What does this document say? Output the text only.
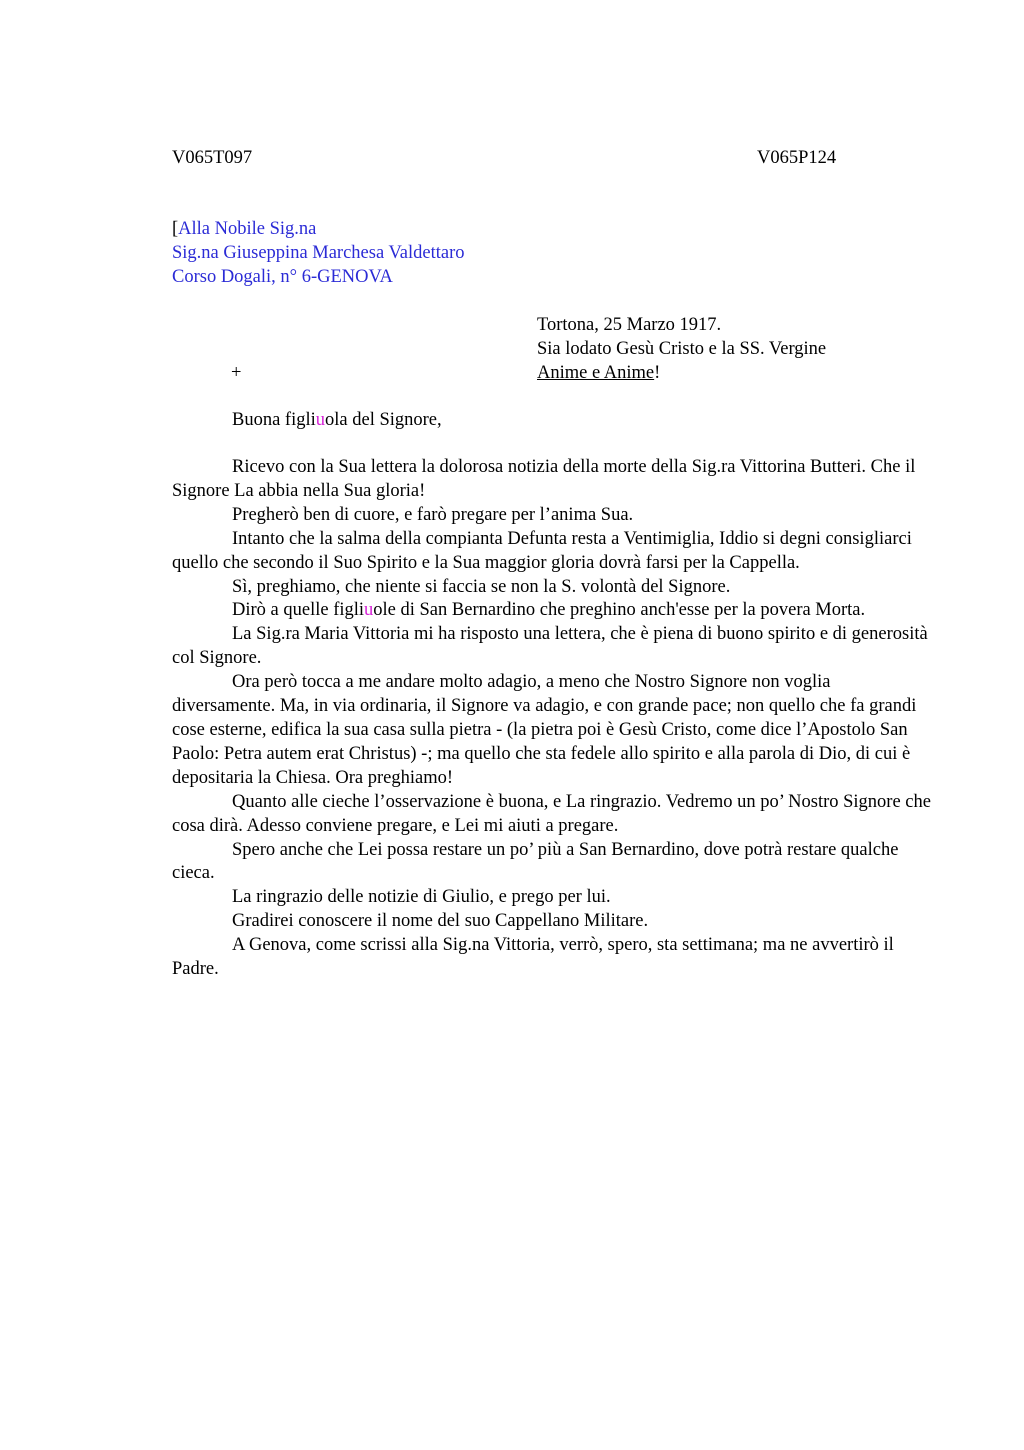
V065T097	V065P124
[Alla Nobile Sig.na
Sig.na Giuseppina Marchesa Valdettaro
Corso Dogali, n° 6-GENOVA
Tortona, 25 Marzo 1917.
Sia lodato Gesù Cristo e la SS. Vergine
Anime e Anime!
+
Buona figliuola del Signore,

Ricevo con la Sua lettera la dolorosa notizia della morte della Sig.ra Vittorina Butteri. Che il Signore La abbia nella Sua gloria!

Pregherò ben di cuore, e farò pregare per l’anima Sua.

Intanto che la salma della compianta Defunta resta a Ventimiglia, Iddio si degni consigliarci quello che secondo il Suo Spirito e la Sua maggior gloria dovrà farsi per la Cappella.

Sì, preghiamo, che niente si faccia se non la S. volontà del Signore.

Dirò a quelle figliuole di San Bernardino che preghino anch'esse per la povera Morta.

La Sig.ra Maria Vittoria mi ha risposto una lettera, che è piena di buono spirito e di generosità col Signore.

Ora però tocca a me andare molto adagio, a meno che Nostro Signore non voglia diversamente. Ma, in via ordinaria, il Signore va adagio, e con grande pace; non quello che fa grandi cose esterne, edifica la sua casa sulla pietra - (la pietra poi è Gesù Cristo, come dice l’Apostolo San Paolo: Petra autem erat Christus) -; ma quello che sta fedele allo spirito e alla parola di Dio, di cui è depositaria la Chiesa. Ora preghiamo!

Quanto alle cieche l’osservazione è buona, e La ringrazio. Vedremo un po’ Nostro Signore che cosa dirà. Adesso conviene pregare, e Lei mi aiuti a pregare.

Spero anche che Lei possa restare un po’ più a San Bernardino, dove potrà restare qualche cieca.

La ringrazio delle notizie di Giulio, e prego per lui.

Gradirei conoscere il nome del suo Cappellano Militare.

A Genova, come scrissi alla Sig.na Vittoria, verrò, spero, sta settimana; ma ne avvertirò il Padre.
